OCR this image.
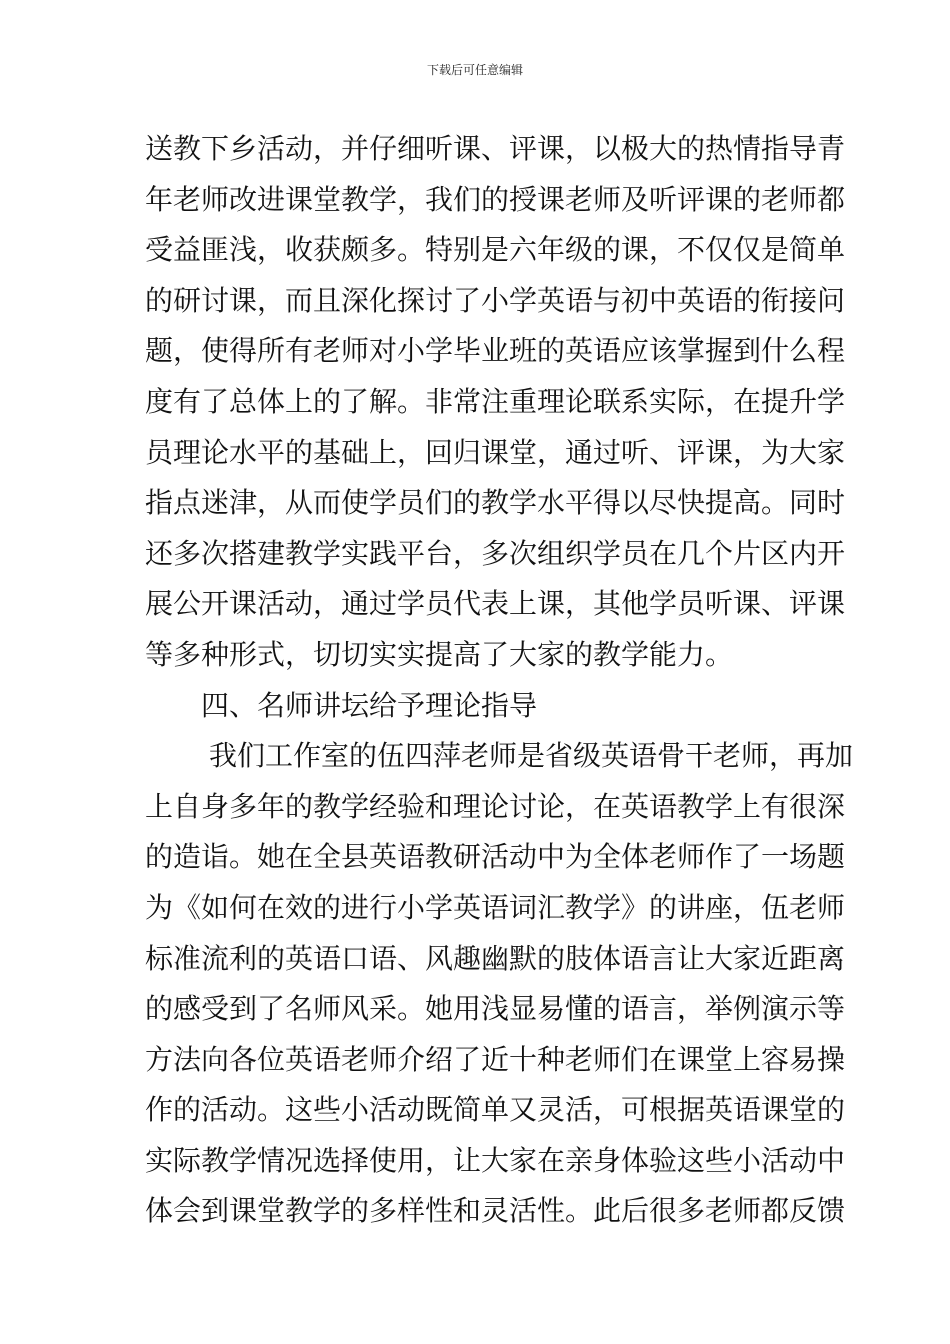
下载后可任意编辑
送教下乡活动，并仔细听课、评课，以极大的热情指导青
年老师改进课堂教学，我们的授课老师及听评课的老师都
受益匪浅，收获颇多。特别是六年级的课，不仅仅是简单
的研讨课，而且深化探讨了小学英语与初中英语的衔接问
题，使得所有老师对小学毕业班的英语应该掌握到什么程
度有了总体上的了解。非常注重理论联系实际，在提升学
员理论水平的基础上，回归课堂，通过听、评课，为大家
指点迷津，从而使学员们的教学水平得以尽快提高。同时
还多次搭建教学实践平台，多次组织学员在几个片区内开
展公开课活动，通过学员代表上课，其他学员听课、评课
等多种形式，切切实实提高了大家的教学能力。
四、名师讲坛给予理论指导
我们工作室的伍四萍老师是省级英语骨干老师，再加
上自身多年的教学经验和理论讨论，在英语教学上有很深
的造诣。她在全县英语教研活动中为全体老师作了一场题
为《如何在效的进行小学英语词汇教学》的讲座，伍老师
标准流利的英语口语、风趣幽默的肢体语言让大家近距离
的感受到了名师风采。她用浅显易懂的语言，举例演示等
方法向各位英语老师介绍了近十种老师们在课堂上容易操
作的活动。这些小活动既简单又灵活，可根据英语课堂的
实际教学情况选择使用，让大家在亲身体验这些小活动中
体会到课堂教学的多样性和灵活性。此后很多老师都反馈
